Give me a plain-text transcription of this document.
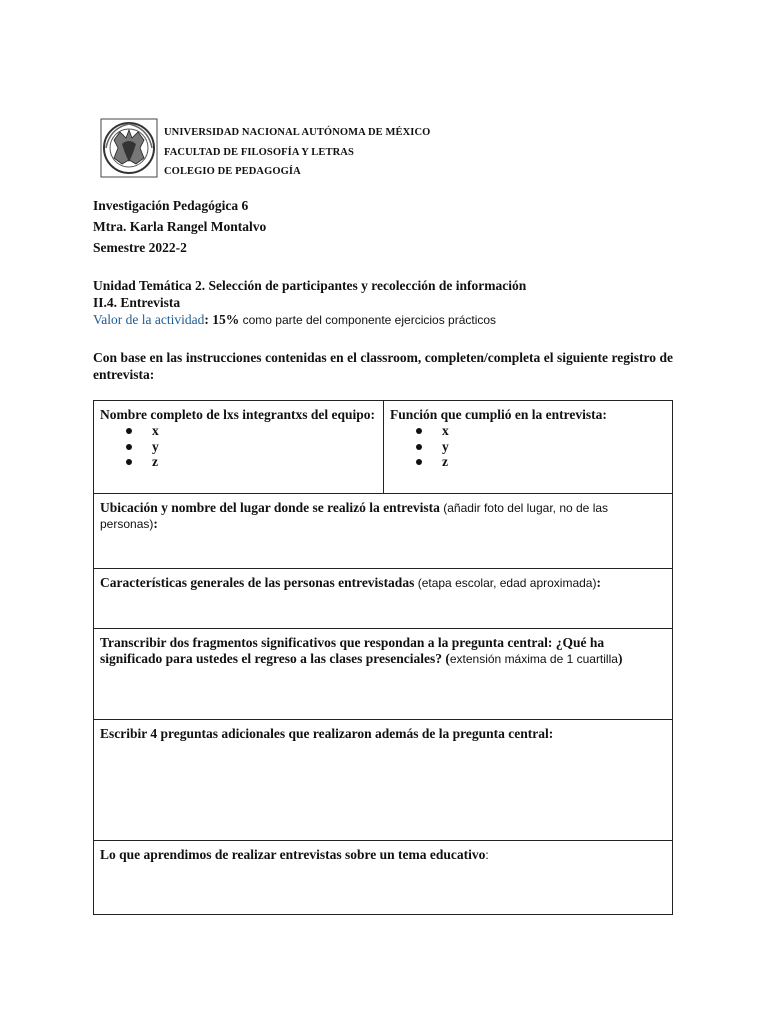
UNIVERSIDAD NACIONAL AUTÓNOMA DE MÉXICO
FACULTAD DE FILOSOFÍA Y LETRAS
COLEGIO DE PEDAGOGÍA
Investigación Pedagógica 6
Mtra. Karla Rangel Montalvo
Semestre 2022-2
Unidad Temática 2. Selección de participantes y recolección de información
II.4. Entrevista
Valor de la actividad: 15% como parte del componente ejercicios prácticos
Con base en las instrucciones contenidas en el classroom, completen/completa el siguiente registro de entrevista:
Nombre completo de lxs integrantxs del equipo:
x
y
z
Función que cumplió en la entrevista:
x
y
z
Ubicación y nombre del lugar donde se realizó la entrevista (añadir foto del lugar, no de las personas):
Características generales de las personas entrevistadas (etapa escolar, edad aproximada):
Transcribir dos fragmentos significativos que respondan a la pregunta central: ¿Qué ha significado para ustedes el regreso a las clases presenciales? (extensión máxima de 1 cuartilla)
Escribir 4 preguntas adicionales que realizaron además de la pregunta central:
Lo que aprendimos de realizar entrevistas sobre un tema educativo:
